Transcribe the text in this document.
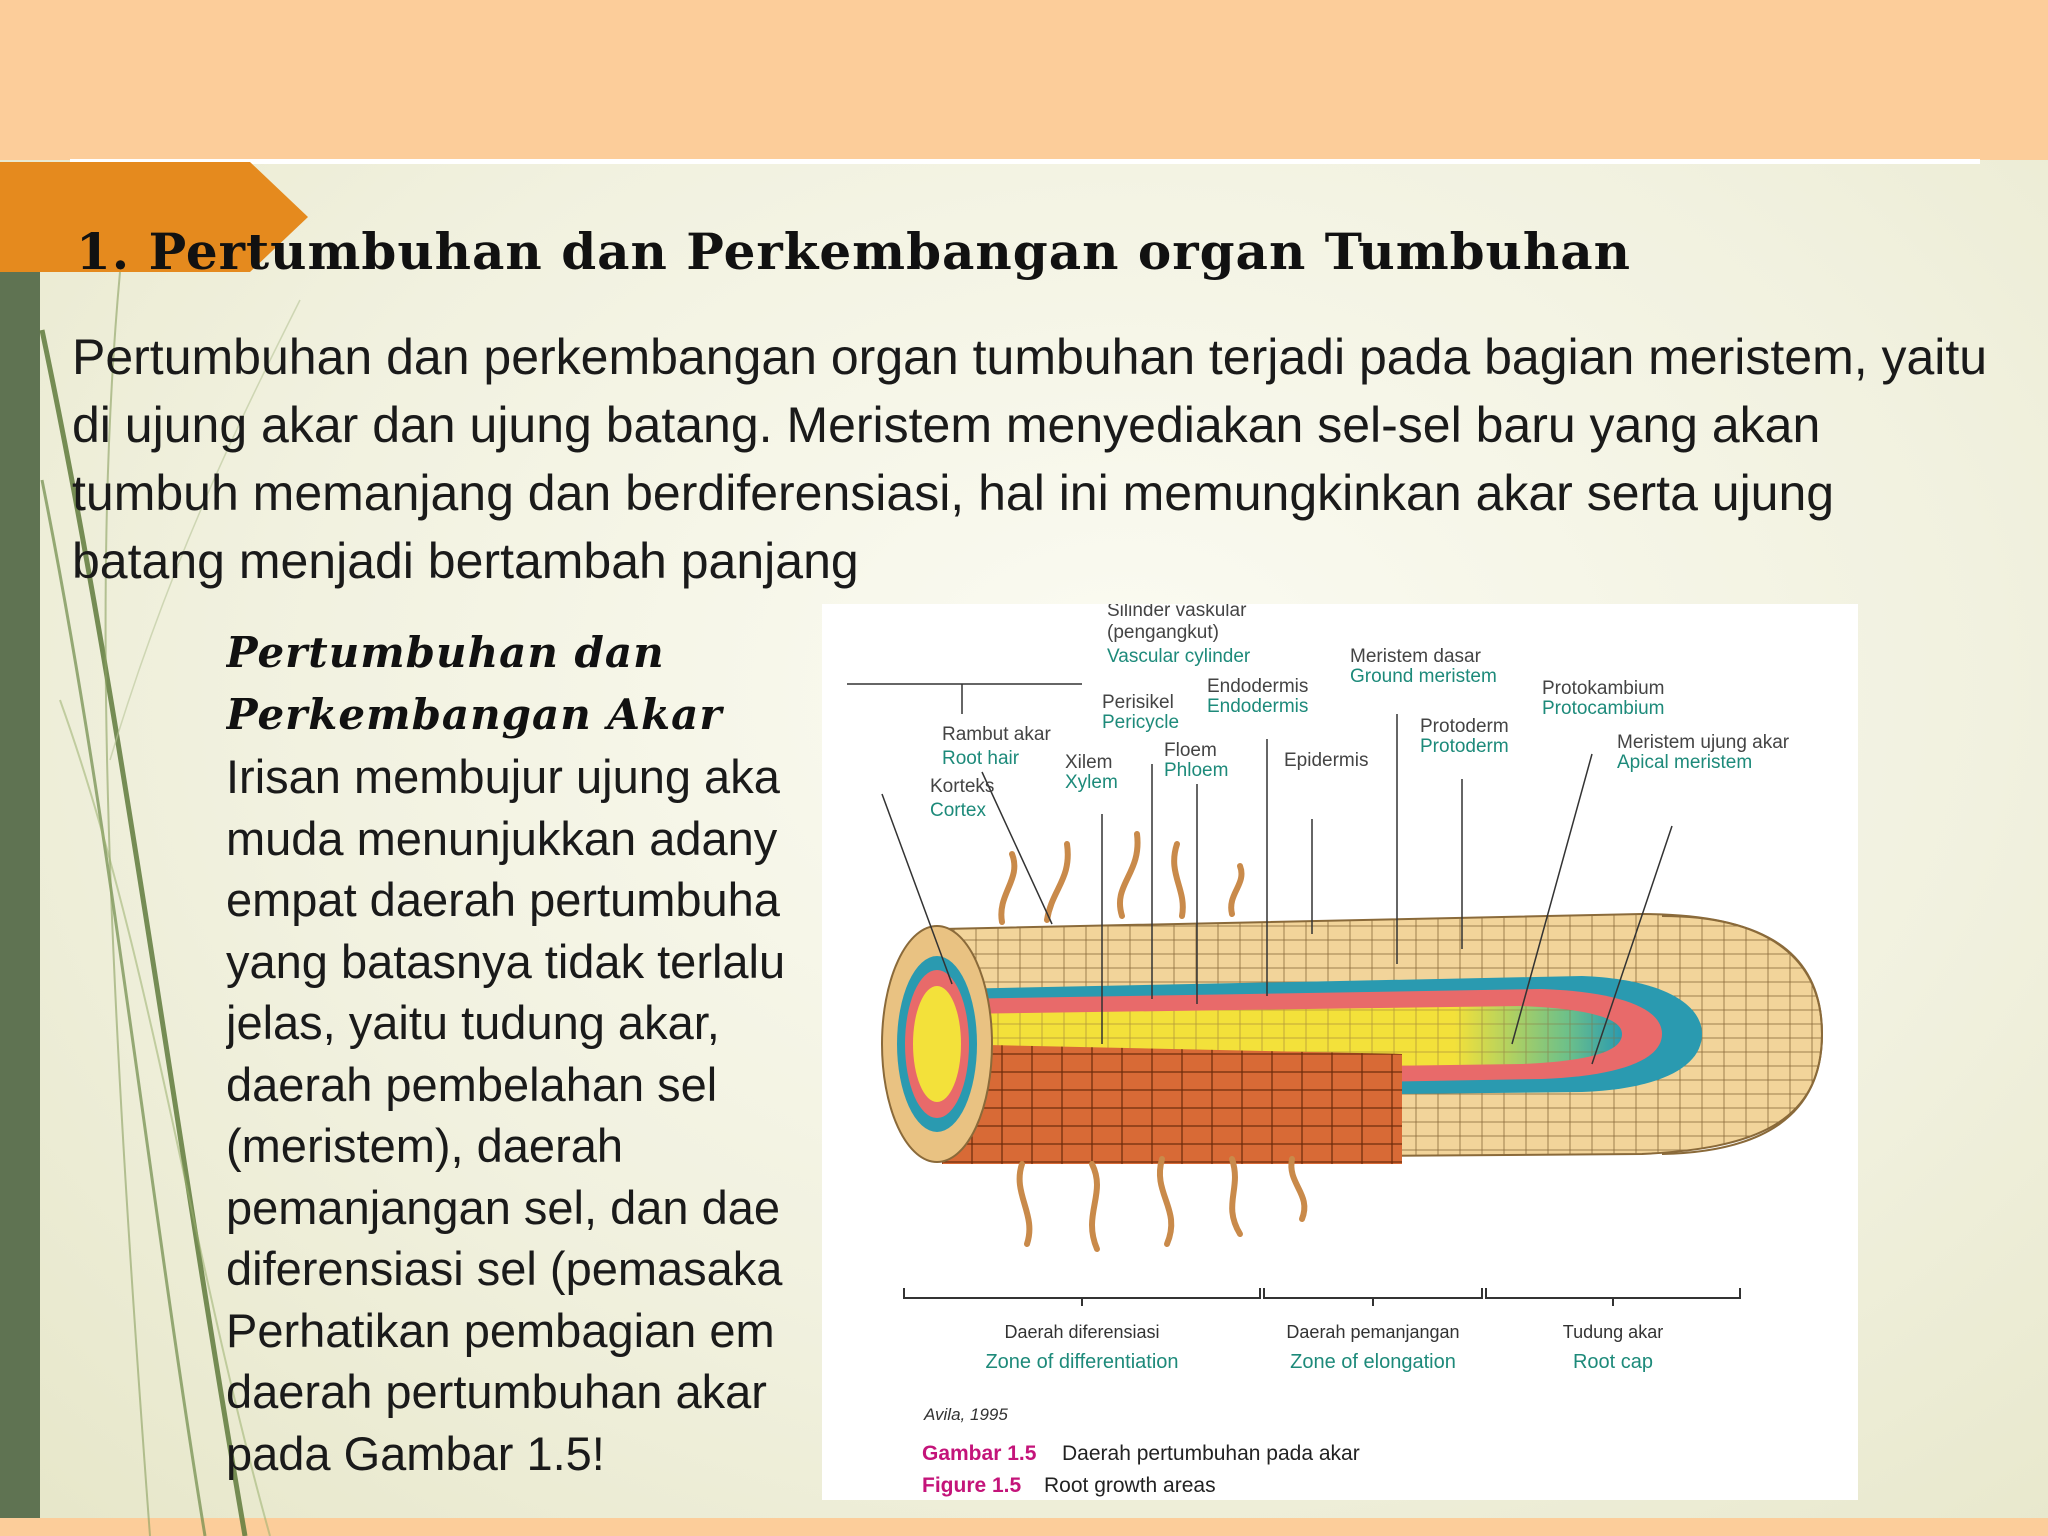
1. Pertumbuhan dan Perkembangan organ Tumbuhan

Pertumbuhan dan perkembangan organ tumbuhan terjadi pada bagian meristem, yaitu di ujung akar dan ujung batang. Meristem menyediakan sel-sel baru yang akan tumbuh memanjang dan berdiferensiasi, hal ini memungkinkan akar serta ujung batang menjadi bertambah panjang

Pertumbuhan dan

Perkembangan Akar

Irisan membujur ujung aka

muda menunjukkan adany

empat daerah pertumbuha

yang batasnya tidak terlalu

jelas, yaitu tudung akar,

daerah pembelahan sel

(meristem), daerah

pemanjangan sel, dan dae

diferensiasi sel (pemasaka

Perhatikan pembagian em

daerah pertumbuhan akar

pada Gambar 1.5!

Silinder vaskular
(pengangkut)
Vascular cylinder
Perisikel
Pericycle
Endodermis
Endodermis
Meristem dasar
Ground meristem
Protokambium
Protocambium
Rambut akar
Root hair Xilem
Xylem
Floem
Phloem	Epidermis
Protoderm
Protoderm	Meristem ujung akar
Apical meristem
Korteks
Cortex
Daerah diferensiasi
Zone of differentiation
Daerah pemanjangan
Zone of elongation
Tudung akar
Root cap
Avila, 1995
Gambar 1.5 Daerah pertumbuhan pada akar
Figure 1.5 Root growth areas
